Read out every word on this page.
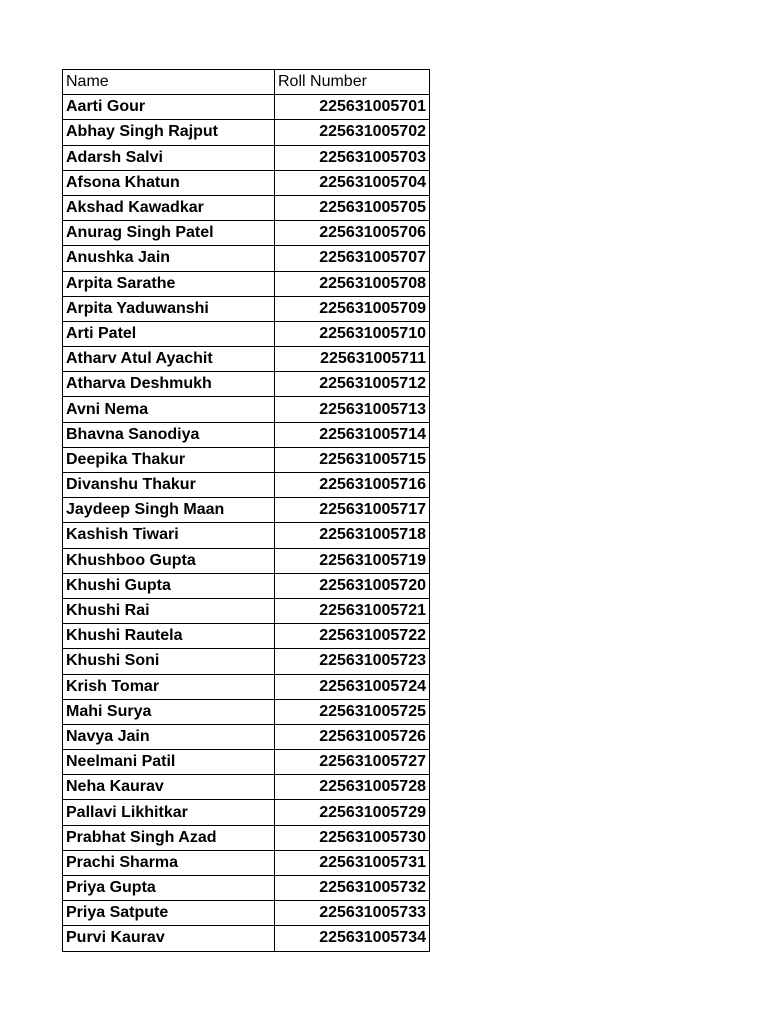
Name	Roll Number
Aarti Gour	225631005701
Abhay Singh Rajput	225631005702
Adarsh Salvi	225631005703
Afsona Khatun	225631005704
Akshad Kawadkar	225631005705
Anurag Singh Patel	225631005706
Anushka Jain	225631005707
Arpita Sarathe	225631005708
Arpita Yaduwanshi	225631005709
Arti Patel	225631005710
Atharv Atul Ayachit	225631005711
Atharva Deshmukh	225631005712
Avni Nema	225631005713
Bhavna Sanodiya	225631005714
Deepika Thakur	225631005715
Divanshu Thakur	225631005716
Jaydeep Singh Maan	225631005717
Kashish Tiwari	225631005718
Khushboo Gupta	225631005719
Khushi Gupta	225631005720
Khushi Rai	225631005721
Khushi Rautela	225631005722
Khushi Soni	225631005723
Krish Tomar	225631005724
Mahi Surya	225631005725
Navya Jain	225631005726
Neelmani Patil	225631005727
Neha Kaurav	225631005728
Pallavi Likhitkar	225631005729
Prabhat Singh Azad	225631005730
Prachi Sharma	225631005731
Priya Gupta	225631005732
Priya Satpute	225631005733
Purvi Kaurav	225631005734
